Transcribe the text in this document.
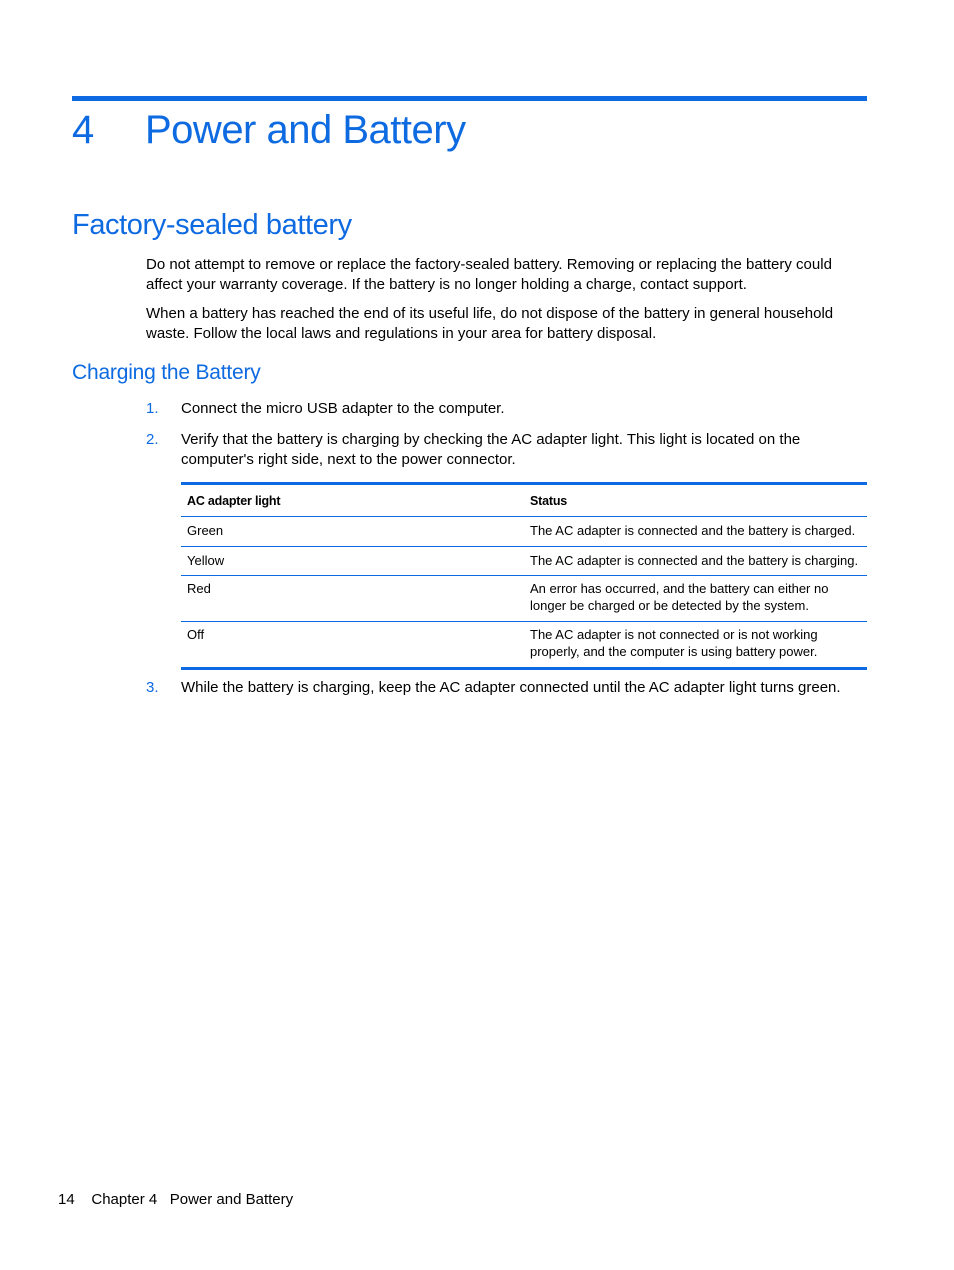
4 Power and Battery
Factory-sealed battery

Do not attempt to remove or replace the factory-sealed battery. Removing or replacing the battery could affect your warranty coverage. If the battery is no longer holding a charge, contact support.

When a battery has reached the end of its useful life, do not dispose of the battery in general household waste. Follow the local laws and regulations in your area for battery disposal.

Charging the Battery
1. Connect the micro USB adapter to the computer.
2. Verify that the battery is charging by checking the AC adapter light. This light is located on the computer's right side, next to the power connector.
AC adapter light	Status
Green	The AC adapter is connected and the battery is charged.
Yellow	The AC adapter is connected and the battery is charging.
Red	An error has occurred, and the battery can either no longer be charged or be detected by the system.
Off	The AC adapter is not connected or is not working properly, and the computer is using battery power.
3. While the battery is charging, keep the AC adapter connected until the AC adapter light turns green.
14 Chapter 4 Power and Battery
